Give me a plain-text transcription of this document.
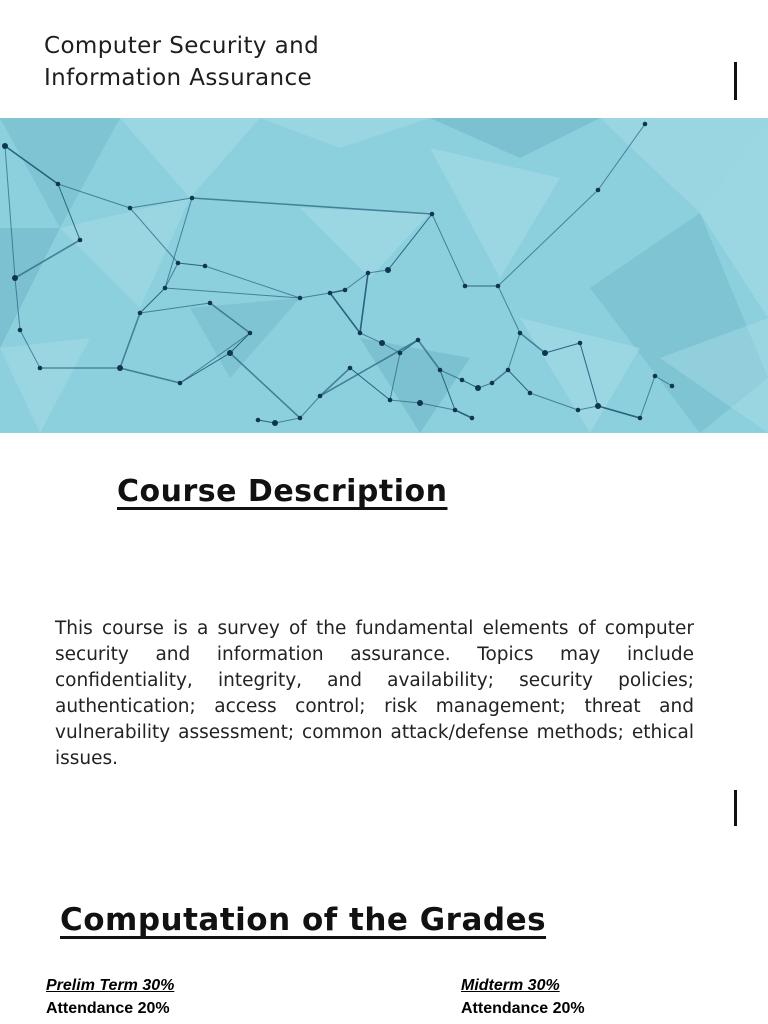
Computer Security and
Information Assurance
Course Description
This course is a survey of the fundamental elements of computer security and information assurance. Topics may include confidentiality, integrity, and availability; security policies; authentication; access control; risk management; threat and vulnerability assessment; common attack/defense methods; ethical issues.
Computation of the Grades
Prelim Term 30%
Attendance 20%
Midterm 30%
Attendance 20%
